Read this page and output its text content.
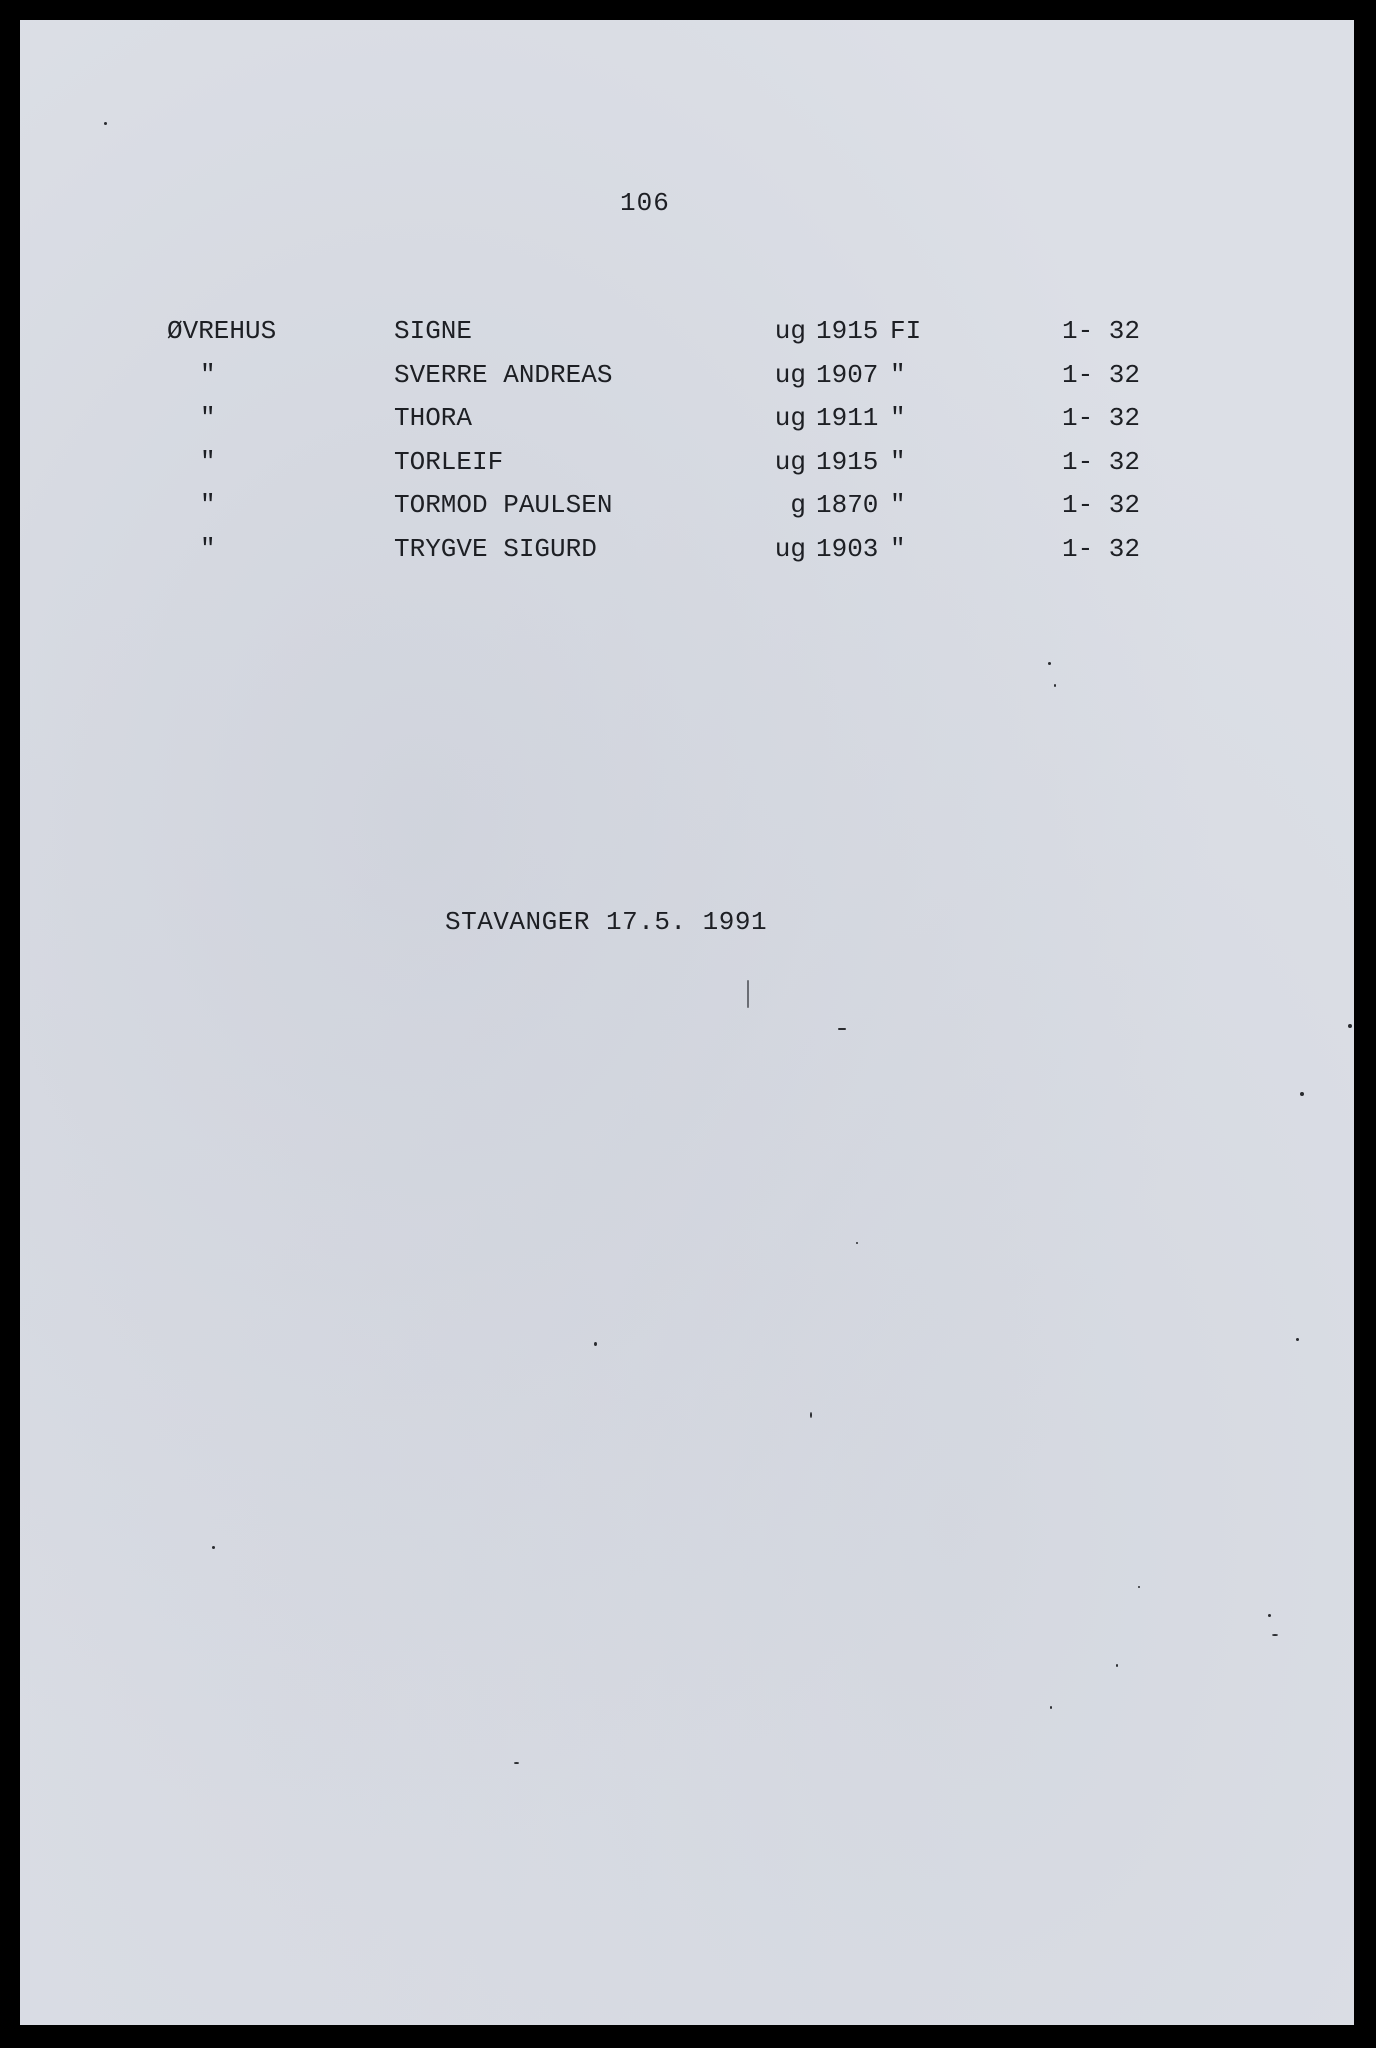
106
ØVREHUS	SIGNE	ug 1915 FI	1- 32
"	SVERRE ANDREAS	ug 1907 "	1- 32
"	THORA	ug 1911 "	1- 32
"	TORLEIF	ug 1915 "	1- 32
"	TORMOD PAULSEN	g 1870 "	1- 32
"	TRYGVE SIGURD	ug 1903 "	1- 32
STAVANGER 17.5. 1991
